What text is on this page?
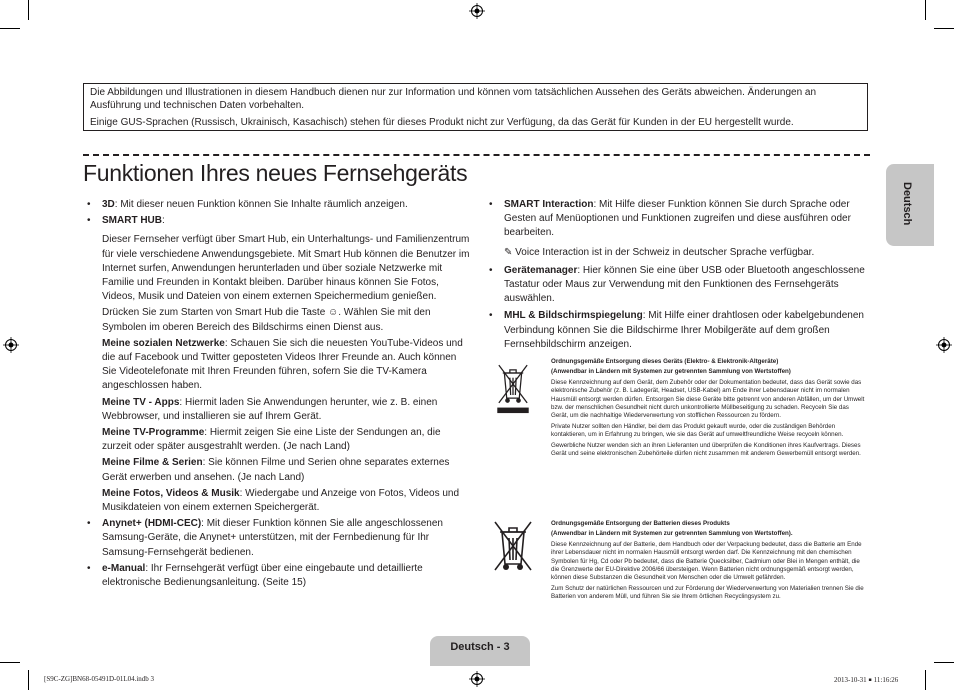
Die Abbildungen und Illustrationen in diesem Handbuch dienen nur zur Information und können vom tatsächlichen Aussehen des Geräts abweichen. Änderungen an Ausführung und technischen Daten vorbehalten.

Einige GUS-Sprachen (Russisch, Ukrainisch, Kasachisch) stehen für dieses Produkt nicht zur Verfügung, da das Gerät für Kunden in der EU hergestellt wurde.

Funktionen Ihres neues Fernsehgeräts
Deutsch
• 3D: Mit dieser neuen Funktion können Sie Inhalte räumlich anzeigen.
• SMART HUB:
Dieser Fernseher verfügt über Smart Hub, ein Unterhaltungs- und Familienzentrum für viele verschiedene Anwendungsgebiete. Mit Smart Hub können die Benutzer im Internet surfen, Anwendungen herunterladen und über soziale Netzwerke mit Familie und Freunden in Kontakt bleiben. Darüber hinaus können Sie Fotos, Videos, Musik und Dateien von einem externen Speichermedium genießen.
Drücken Sie zum Starten von Smart Hub die Taste ☺. Wählen Sie mit den Symbolen im oberen Bereich des Bildschirms einen Dienst aus.
Meine sozialen Netzwerke: Schauen Sie sich die neuesten YouTube-Videos und die auf Facebook und Twitter geposteten Videos Ihrer Freunde an. Auch können Sie Videotelefonate mit Ihren Freunden führen, sofern Sie die TV-Kamera angeschlossen haben.
Meine TV - Apps: Hiermit laden Sie Anwendungen herunter, wie z. B. einen Webbrowser, und installieren sie auf Ihrem Gerät.
Meine TV-Programme: Hiermit zeigen Sie eine Liste der Sendungen an, die zurzeit oder später ausgestrahlt werden. (Je nach Land)
Meine Filme & Serien: Sie können Filme und Serien ohne separates externes Gerät erwerben und ansehen. (Je nach Land)
Meine Fotos, Videos & Musik: Wiedergabe und Anzeige von Fotos, Videos und Musikdateien von einem externen Speichergerät.
• Anynet+ (HDMI-CEC): Mit dieser Funktion können Sie alle angeschlossenen Samsung-Geräte, die Anynet+ unterstützen, mit der Fernbedienung für Ihr Samsung-Fernsehgerät bedienen.
• e-Manual: Ihr Fernsehgerät verfügt über eine eingebaute und detaillierte elektronische Bedienungsanleitung. (Seite 15)
• SMART Interaction: Mit Hilfe dieser Funktion können Sie durch Sprache oder Gesten auf Menüoptionen und Funktionen zugreifen und diese ausführen oder bearbeiten.
✎ Voice Interaction ist in der Schweiz in deutscher Sprache verfügbar.
• Gerätemanager: Hier können Sie eine über USB oder Bluetooth angeschlossene Tastatur oder Maus zur Verwendung mit den Funktionen des Fernsehgeräts auswählen.
• MHL & Bildschirmspiegelung: Mit Hilfe einer drahtlosen oder kabelgebundenen Verbindung können Sie die Bildschirme Ihrer Mobilgeräte auf dem großen Fernsehbildschirm anzeigen.

Ordnungsgemäße Entsorgung dieses Geräts (Elektro- & Elektronik-Altgeräte)

(Anwendbar in Ländern mit Systemen zur getrennten Sammlung von Wertstoffen)

Diese Kennzeichnung auf dem Gerät, dem Zubehör oder der Dokumentation bedeutet, dass das Gerät sowie das elektronische Zubehör (z. B. Ladegerät, Headset, USB-Kabel) am Ende ihrer Lebensdauer nicht im normalen Hausmüll entsorgt werden dürfen. Entsorgen Sie diese Geräte bitte getrennt von anderen Abfällen, um der Umwelt bzw. der menschlichen Gesundheit nicht durch unkontrollierte Müllbeseitigung zu schaden. Recyceln Sie das Gerät, um die nachhaltige Wiederverwertung von stofflichen Ressourcen zu fördern.

Private Nutzer sollten den Händler, bei dem das Produkt gekauft wurde, oder die zuständigen Behörden kontaktieren, um in Erfahrung zu bringen, wie sie das Gerät auf umweltfreundliche Weise recyceln können.

Gewerbliche Nutzer wenden sich an ihren Lieferanten und überprüfen die Konditionen ihres Kaufvertrags. Dieses Gerät und seine elektronischen Zubehörteile dürfen nicht zusammen mit anderem Gewerbemüll entsorgt werden.

Ordnungsgemäße Entsorgung der Batterien dieses Produkts

(Anwendbar in Ländern mit Systemen zur getrennten Sammlung von Wertstoffen).

Diese Kennzeichnung auf der Batterie, dem Handbuch oder der Verpackung bedeutet, dass die Batterie am Ende ihrer Lebensdauer nicht im normalen Hausmüll entsorgt werden darf. Die Kennzeichnung mit den chemischen Symbolen für Hg, Cd oder Pb bedeutet, dass die Batterie Quecksilber, Cadmium oder Blei in Mengen enthält, die die Grenzwerte der EU-Direktive 2006/66 übersteigen. Wenn Batterien nicht ordnungsgemäß entsorgt werden, können diese Substanzen die Gesundheit von Menschen oder die Umwelt gefährden.

Zum Schutz der natürlichen Ressourcen und zur Förderung der Wiederverwertung von Materialien trennen Sie die Batterien von anderem Müll, und führen Sie sie Ihrem örtlichen Recyclingsystem zu.

Deutsch - 3
[S9C-ZG]BN68-05491D-01L04.indb 3	2013-10-31 ￭ 11:16:26
